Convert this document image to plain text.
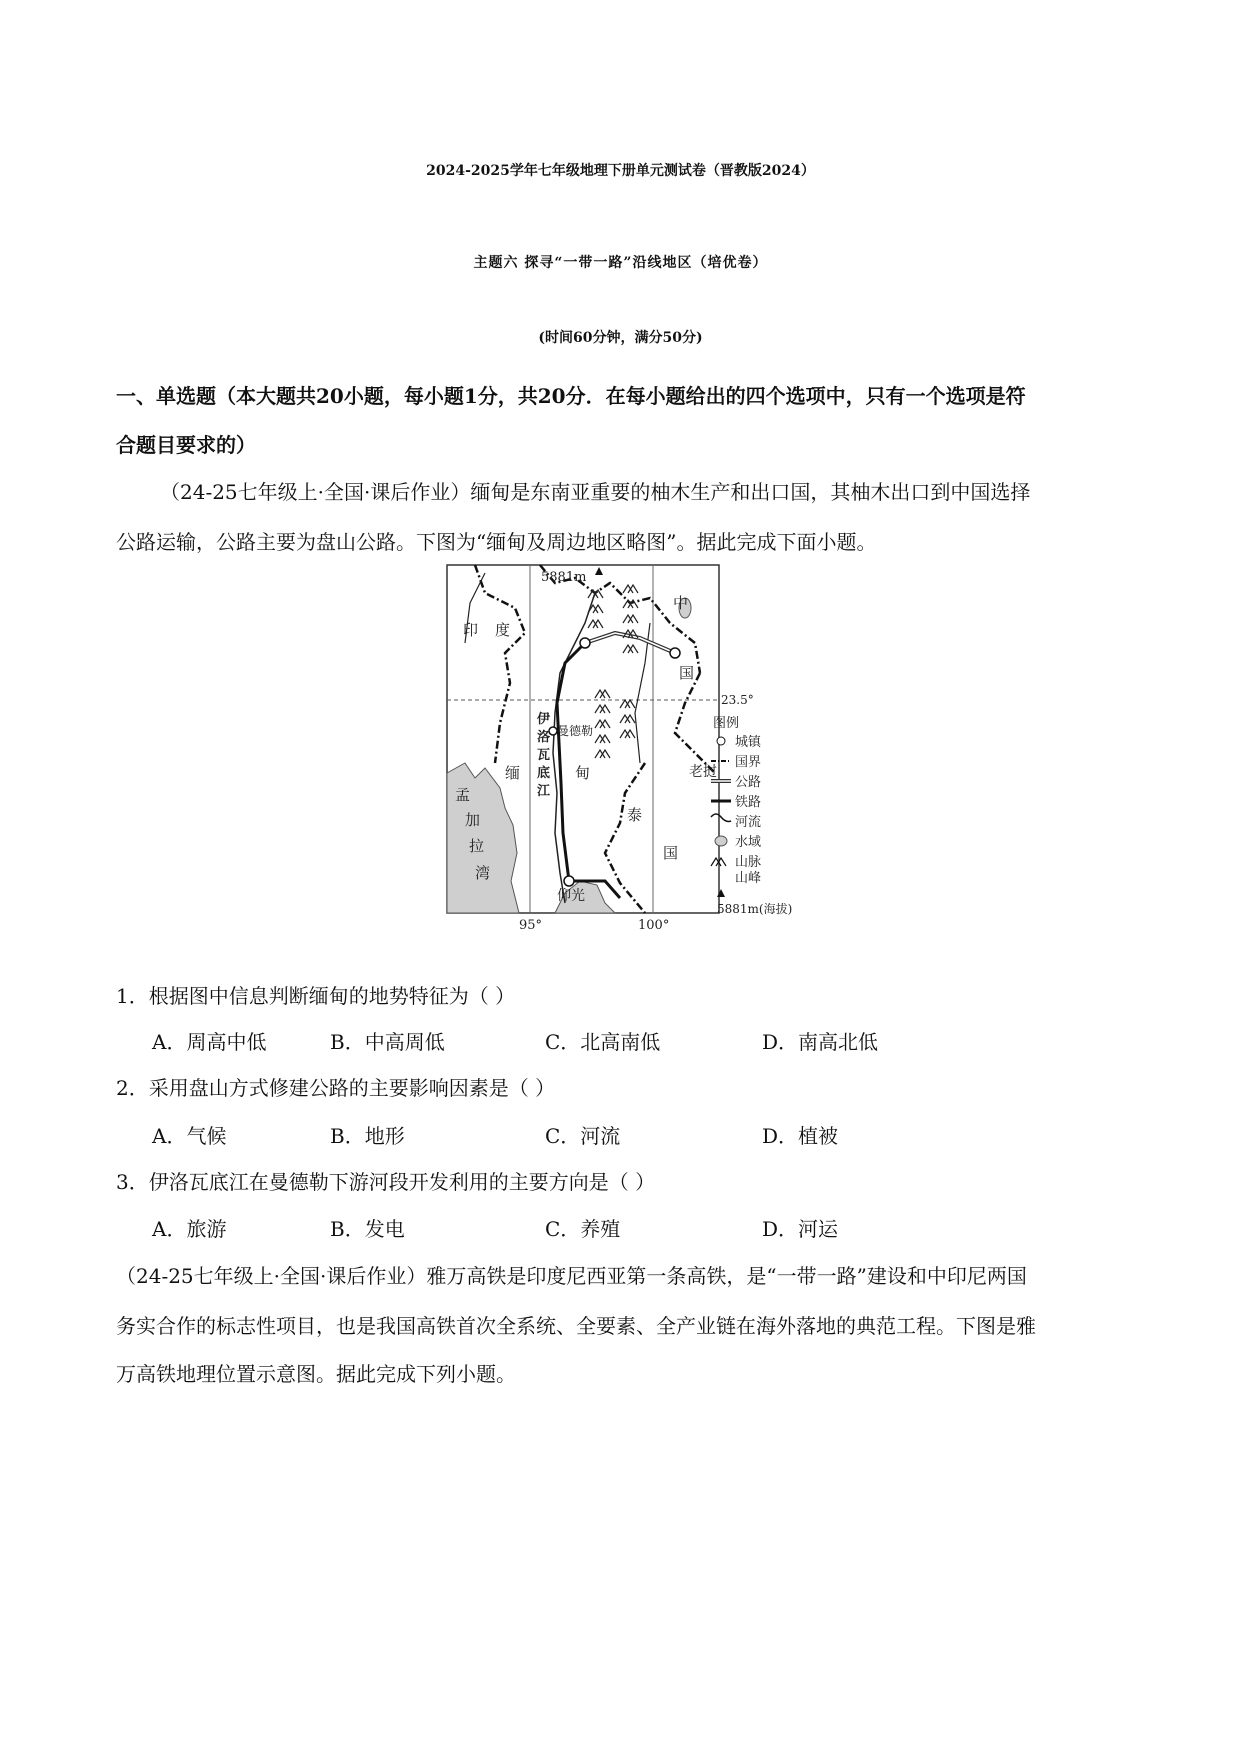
2024-2025学年七年级地理下册单元测试卷（晋教版2024）
主题六 探寻“一带一路”沿线地区（培优卷）
(时间60分钟，满分50分)
一、单选题（本大题共20小题，每小题1分，共20分．在每小题给出的四个选项中，只有一个选项是符
合题目要求的）
（24-25七年级上·全国·课后作业）缅甸是东南亚重要的柚木生产和出口国，其柚木出口到中国选择
公路运输，公路主要为盘山公路。下图为“缅甸及周边地区略图”。据此完成下面小题。
5881m
印 度
中
国
23.5°
伊
洛
瓦
底
江
曼德勒
缅	甸
孟
加
拉
湾
老挝
泰
国
仰光
95°	100°
图例
城镇
国界
公路
铁路
河流
水域
山脉
山峰
5881m(海拔)
1．根据图中信息判断缅甸的地势特征为（ ）
A．周高中低	B．中高周低	C．北高南低	D．南高北低
2．采用盘山方式修建公路的主要影响因素是（ ）
A．气候	B．地形	C．河流	D．植被
3．伊洛瓦底江在曼德勒下游河段开发利用的主要方向是（ ）
A．旅游	B．发电	C．养殖	D．河运
（24-25七年级上·全国·课后作业）雅万高铁是印度尼西亚第一条高铁，是“一带一路”建设和中印尼两国
务实合作的标志性项目，也是我国高铁首次全系统、全要素、全产业链在海外落地的典范工程。下图是雅
万高铁地理位置示意图。据此完成下列小题。
